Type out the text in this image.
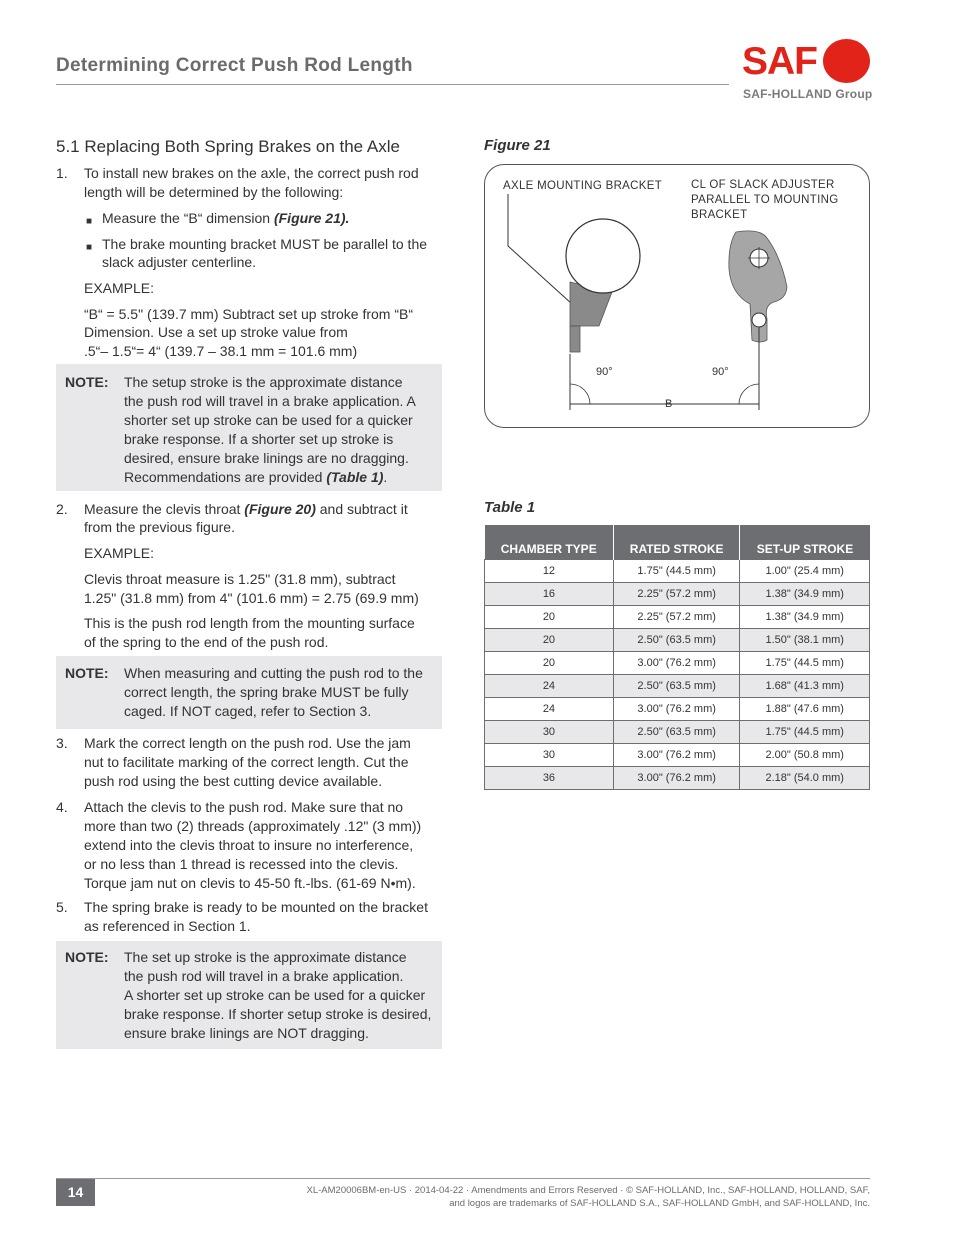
Determining Correct Push Rod Length	SAF
SAF-HOLLAND Group
5.1 Replacing Both Spring Brakes on the Axle
1. To install new brakes on the axle, the correct push rod
length will be determined by the following:
■ Measure the “B“ dimension (Figure 21).
■ The brake mounting bracket MUST be parallel to the
slack adjuster centerline.
EXAMPLE:
“B“ = 5.5" (139.7 mm) Subtract set up stroke from “B“
Dimension. Use a set up stroke value from
.5“– 1.5“= 4“ (139.7 – 38.1 mm = 101.6 mm)
NOTE: The setup stroke is the approximate distance
the push rod will travel in a brake application. A
shorter set up stroke can be used for a quicker
brake response. If a shorter set up stroke is
desired, ensure brake linings are no dragging.
Recommendations are provided (Table 1).
2. Measure the clevis throat (Figure 20) and subtract it
from the previous figure.
EXAMPLE:
Clevis throat measure is 1.25" (31.8 mm), subtract
1.25" (31.8 mm) from 4" (101.6 mm) = 2.75 (69.9 mm)
This is the push rod length from the mounting surface
of the spring to the end of the push rod.
NOTE: When measuring and cutting the push rod to the
correct length, the spring brake MUST be fully
caged. If NOT caged, refer to Section 3.
3. Mark the correct length on the push rod. Use the jam
nut to facilitate marking of the correct length. Cut the
push rod using the best cutting device available.
4. Attach the clevis to the push rod. Make sure that no
more than two (2) threads (approximately .12" (3 mm))
extend into the clevis throat to insure no interference,
or no less than 1 thread is recessed into the clevis.
Torque jam nut on clevis to 45-50 ft.-lbs. (61-69 N•m).
5. The spring brake is ready to be mounted on the bracket
as referenced in Section 1.
NOTE: The set up stroke is the approximate distance
the push rod will travel in a brake application.
A shorter set up stroke can be used for a quicker
brake response. If shorter setup stroke is desired,
ensure brake linings are NOT dragging.
Figure 21
AXLE MOUNTING BRACKET	CL OF SLACK ADJUSTER
PARALLEL TO MOUNTING
BRACKET
90°	90°
B
Table 1
CHAMBER TYPE	RATED STROKE	SET-UP STROKE
12	1.75" (44.5 mm)	1.00" (25.4 mm)
16	2.25" (57.2 mm)	1.38" (34.9 mm)
20	2.25" (57.2 mm)	1.38" (34.9 mm)
20	2.50" (63.5 mm)	1.50" (38.1 mm)
20	3.00" (76.2 mm)	1.75" (44.5 mm)
24	2.50" (63.5 mm)	1.68" (41.3 mm)
24	3.00" (76.2 mm)	1.88" (47.6 mm)
30	2.50" (63.5 mm)	1.75" (44.5 mm)
30	3.00" (76.2 mm)	2.00" (50.8 mm)
36	3.00" (76.2 mm)	2.18" (54.0 mm)
14	XL-AM20006BM-en-US · 2014-04-22 · Amendments and Errors Reserved · © SAF-HOLLAND, Inc., SAF-HOLLAND, HOLLAND, SAF,
and logos are trademarks of SAF-HOLLAND S.A., SAF-HOLLAND GmbH, and SAF-HOLLAND, Inc.
